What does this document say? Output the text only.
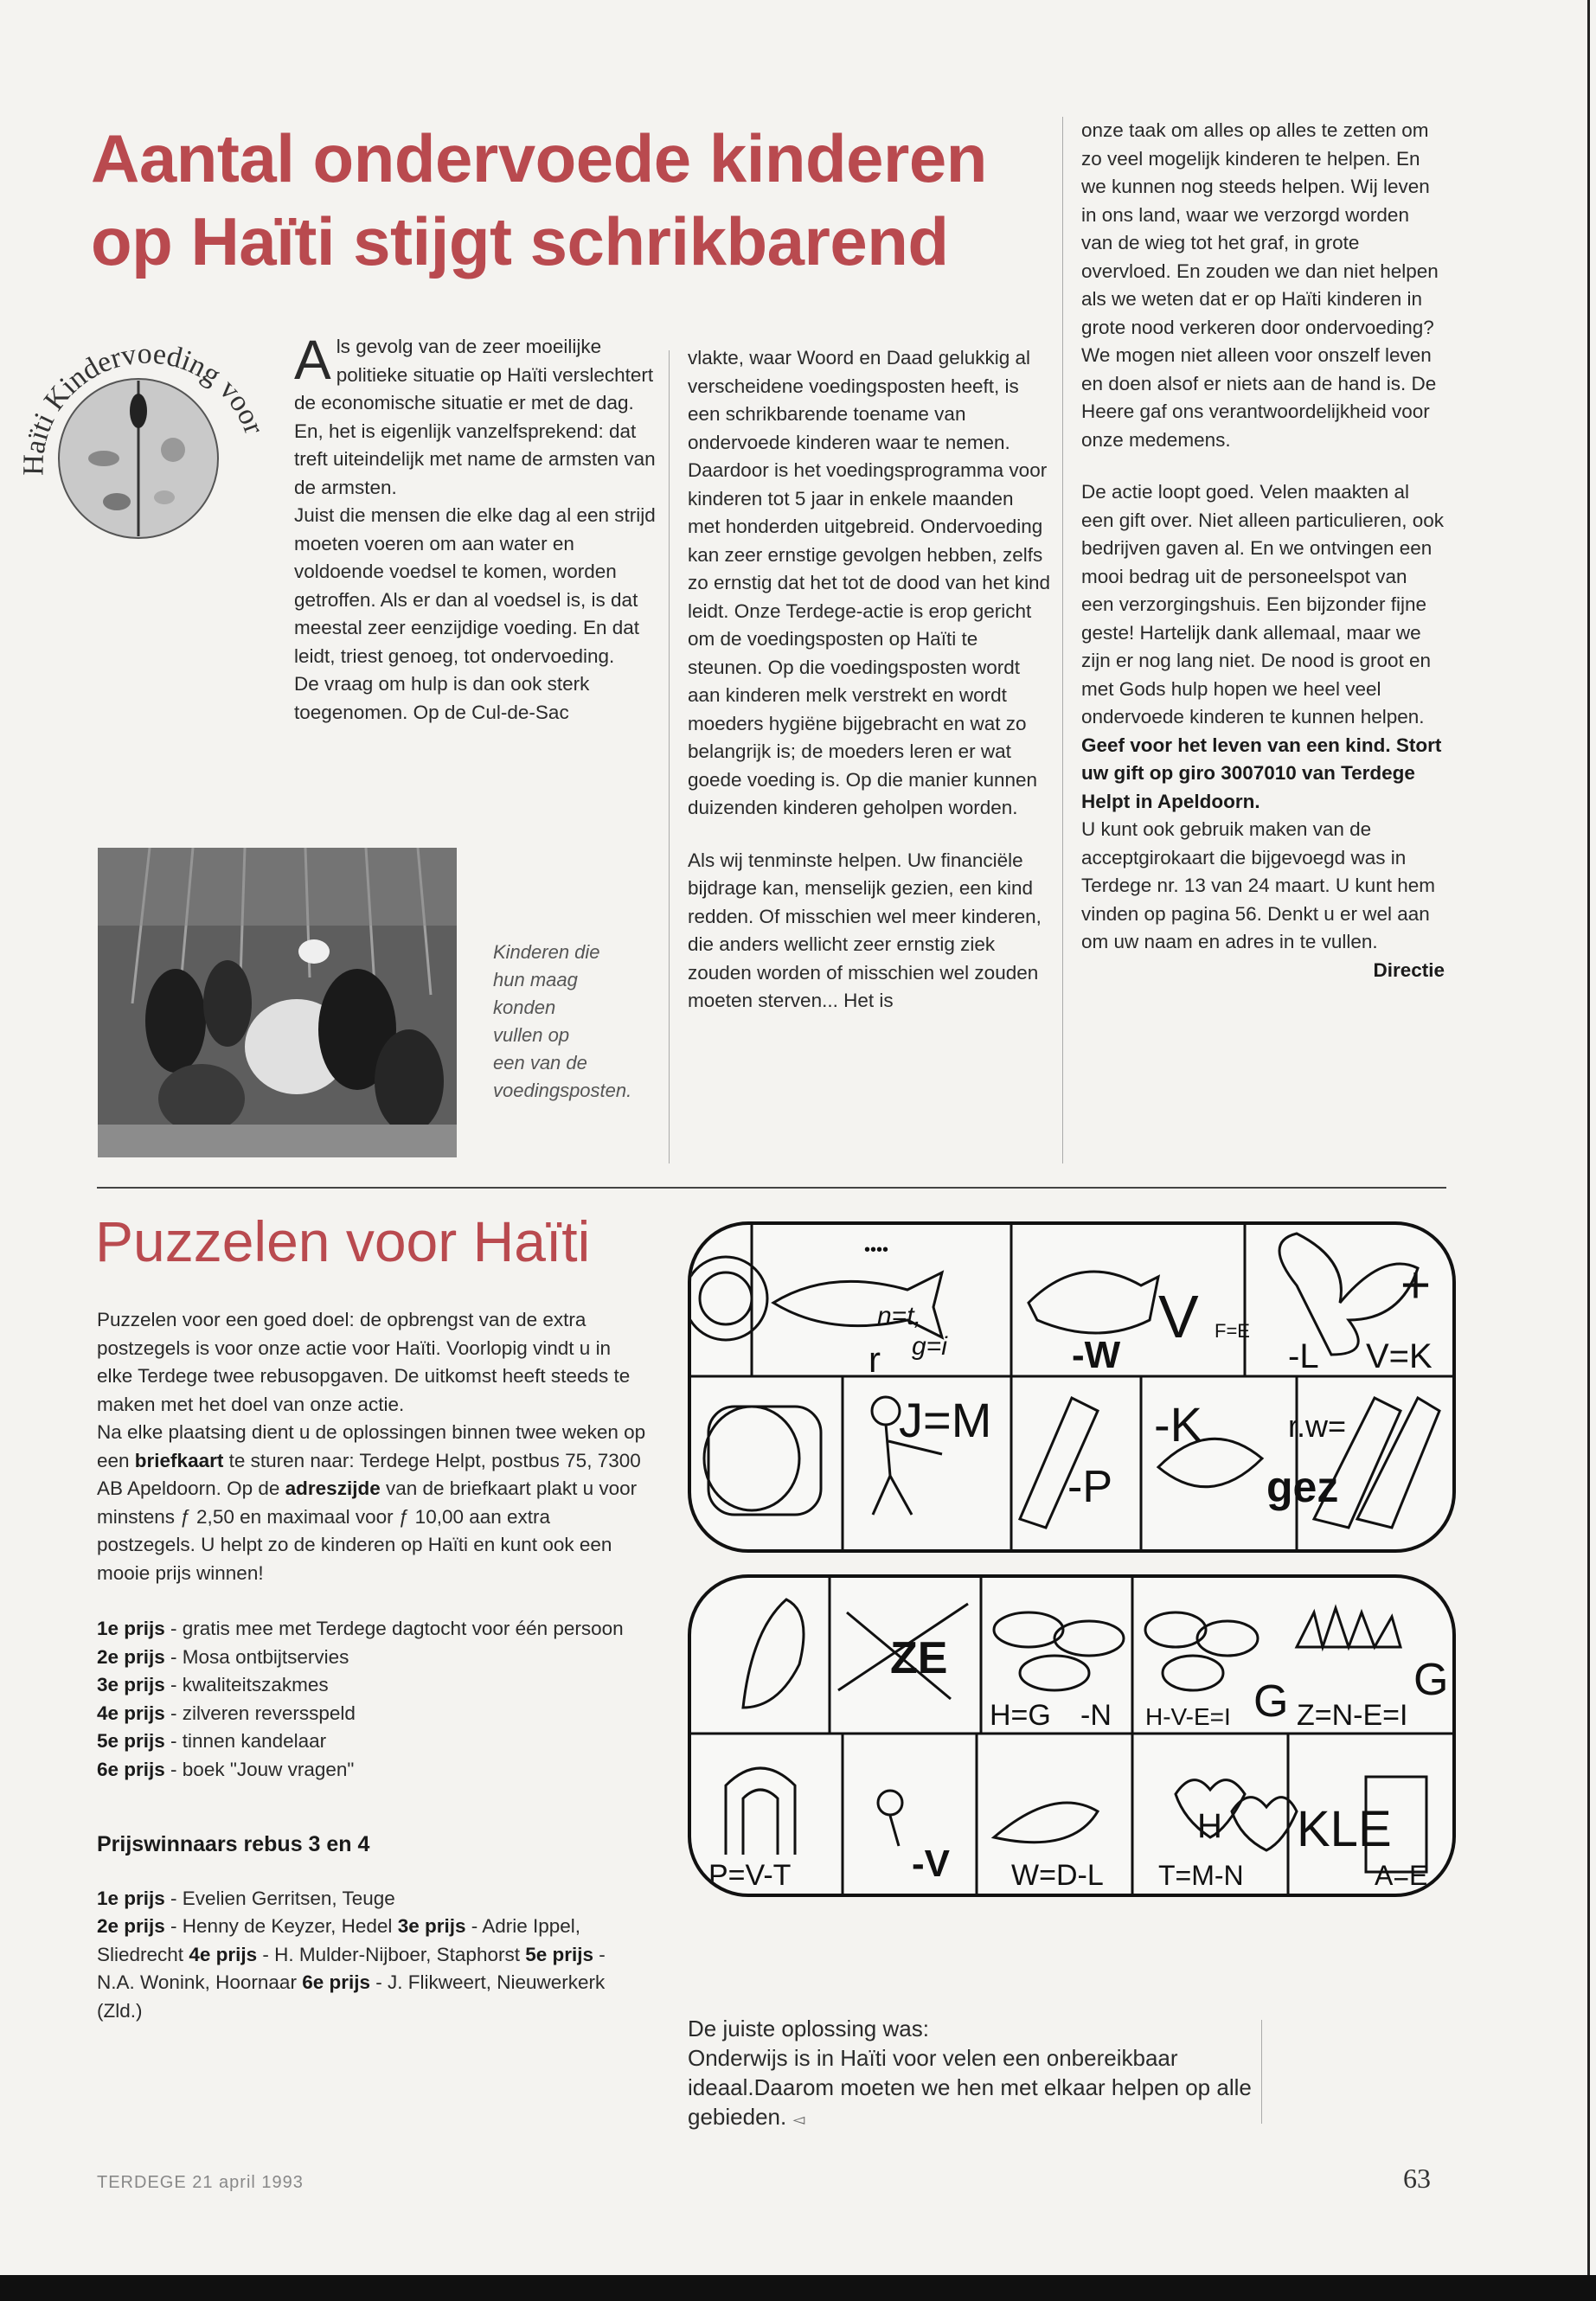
Aantal ondervoede kinderen
op Haïti stijgt schrikbarend
Haïti Kindervoeding voor

Als gevolg van de zeer moeilijke politieke situatie op Haïti verslechtert de economische situatie er met de dag. En, het is eigenlijk vanzelfsprekend: dat treft uiteindelijk met name de armsten van de armsten.

Juist die mensen die elke dag al een strijd moeten voeren om aan water en voldoende voedsel te komen, worden getroffen. Als er dan al voedsel is, is dat meestal zeer eenzijdige voeding. En dat leidt, triest genoeg, tot ondervoeding.

De vraag om hulp is dan ook sterk toegenomen. Op de Cul-de-Sac

Kinderen die hun maag konden vullen op een van de voedingsposten.

vlakte, waar Woord en Daad gelukkig al verscheidene voedingsposten heeft, is een schrikbarende toename van ondervoede kinderen waar te nemen. Daardoor is het voedingsprogramma voor kinderen tot 5 jaar in enkele maanden met honderden uitgebreid. Ondervoeding kan zeer ernstige gevolgen hebben, zelfs zo ernstig dat het tot de dood van het kind leidt. Onze Terdege-actie is erop gericht om de voedingsposten op Haïti te steunen. Op die voedingsposten wordt aan kinderen melk verstrekt en wordt moeders hygiëne bijgebracht en wat zo belangrijk is; de moeders leren er wat goede voeding is. Op die manier kunnen duizenden kinderen geholpen worden.

Als wij tenminste helpen. Uw financiële bijdrage kan, menselijk gezien, een kind redden. Of misschien wel meer kinderen, die anders wellicht zeer ernstig ziek zouden worden of misschien wel zouden moeten sterven... Het is

onze taak om alles op alles te zetten om zo veel mogelijk kinderen te helpen. En we kunnen nog steeds helpen. Wij leven in ons land, waar we verzorgd worden van de wieg tot het graf, in grote overvloed. En zouden we dan niet helpen als we weten dat er op Haïti kinderen in grote nood verkeren door ondervoeding? We mogen niet alleen voor onszelf leven en doen alsof er niets aan de hand is. De Heere gaf ons verantwoordelijkheid voor onze medemens.

De actie loopt goed. Velen maakten al een gift over. Niet alleen particulieren, ook bedrijven gaven al. En we ontvingen een mooi bedrag uit de personeelspot van een verzorgingshuis. Een bijzonder fijne geste! Hartelijk dank allemaal, maar we zijn er nog lang niet. De nood is groot en met Gods hulp hopen we heel veel ondervoede kinderen te kunnen helpen.

Geef voor het leven van een kind. Stort uw gift op giro 3007010 van Terdege Helpt in Apeldoorn.

U kunt ook gebruik maken van de acceptgirokaart die bijgevoegd was in Terdege nr. 13 van 24 maart. U kunt hem vinden op pagina 56. Denkt u er wel aan om uw naam en adres in te vullen.

Directie

Puzzelen voor Haïti

Puzzelen voor een goed doel: de opbrengst van de extra postzegels is voor onze actie voor Haïti. Voorlopig vindt u in elke Terdege twee rebusopgaven. De uitkomst heeft steeds te maken met het doel van onze actie.

Na elke plaatsing dient u de oplossingen binnen twee weken op een briefkaart te sturen naar: Terdege Helpt, postbus 75, 7300 AB Apeldoorn. Op de adreszijde van de briefkaart plakt u voor minstens ƒ 2,50 en maximaal voor ƒ 10,00 aan extra postzegels. U helpt zo de kinderen op Haïti en kunt ook een mooie prijs winnen!

1e prijs - gratis mee met Terdege dagtocht voor één persoon

2e prijs - Mosa ontbijtservies

3e prijs - kwaliteitszakmes

4e prijs - zilveren reversspeld

5e prijs - tinnen kandelaar

6e prijs - boek "Jouw vragen"

Prijswinnaars rebus 3 en 4

1e prijs - Evelien Gerritsen, Teuge

2e prijs - Henny de Keyzer, Hedel 3e prijs - Adrie Ippel, Sliedrecht 4e prijs - H. Mulder-Nijboer, Staphorst 5e prijs - N.A. Wonink, Hoornaar 6e prijs - J. Flikweert, Nieuwerkerk (Zld.)

r
n=t,
g=i	-W
V F=E
-L V=K
+
••••
J=M
-P
-K	r.w=
gez
ZE
H=G -N H-V-E=I G Z=N-E=I
G
P=V-T	-V W=D-L T=M-N
KLE
A=E
H

De juiste oplossing was:

Onderwijs is in Haïti voor velen een onbereikbaar ideaal.Daarom moeten we hen met elkaar helpen op alle gebieden. ◅

TERDEGE 21 april 1993	63
